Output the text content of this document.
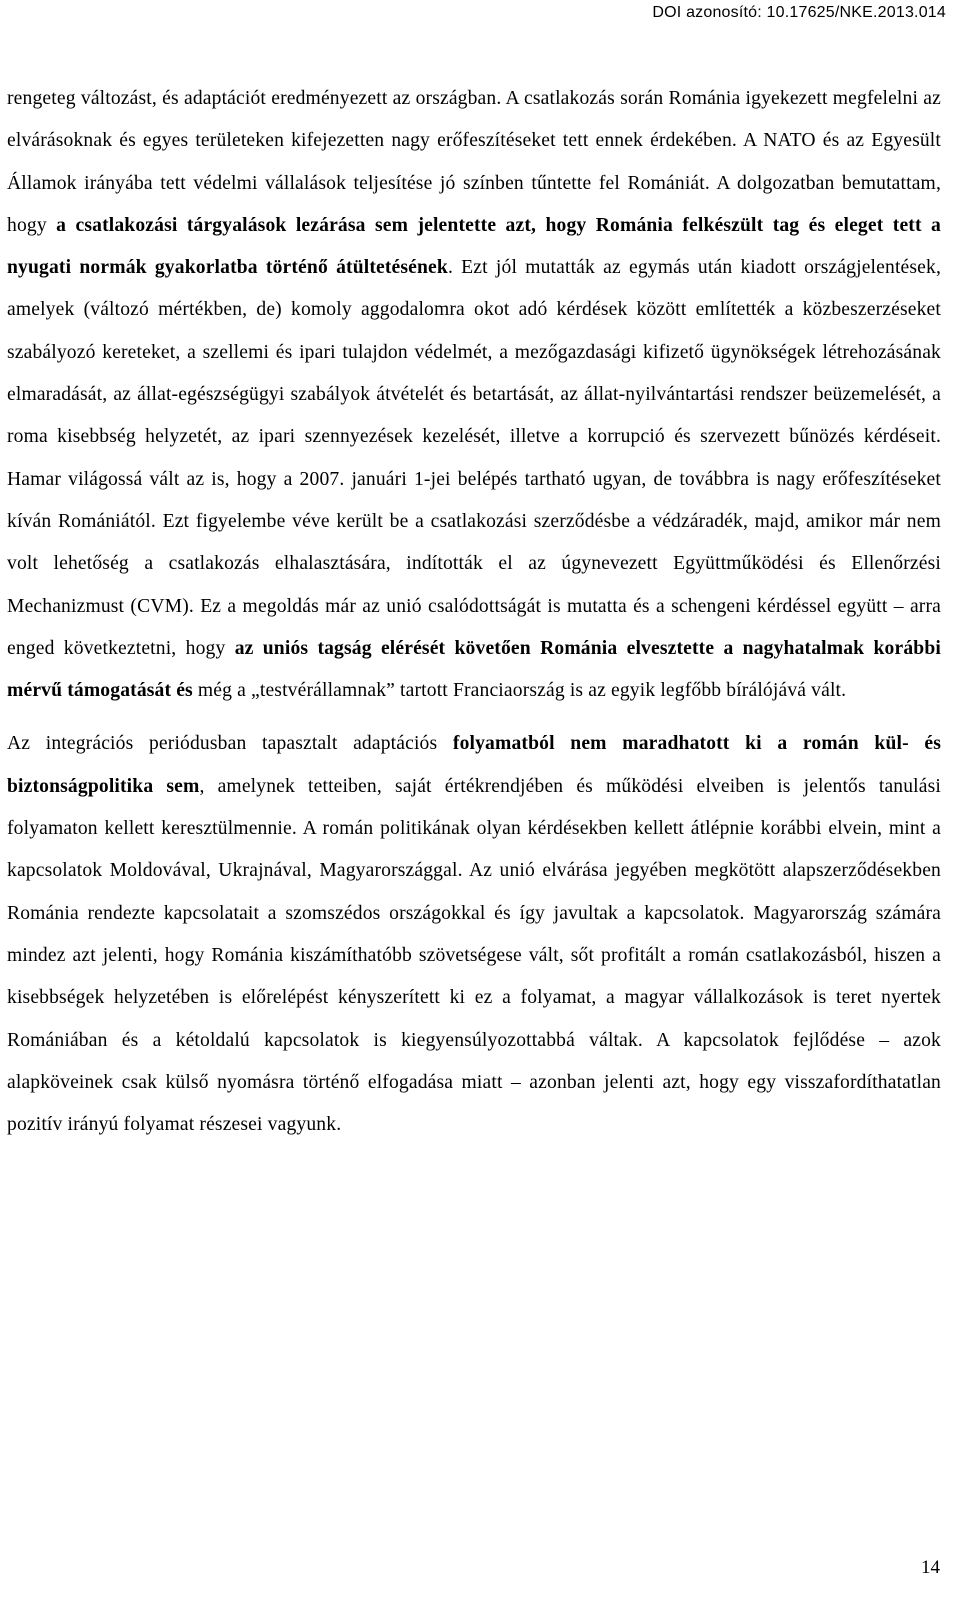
DOI azonosító: 10.17625/NKE.2013.014

rengeteg változást, és adaptációt eredményezett az országban. A csatlakozás során Románia igyekezett megfelelni az elvárásoknak és egyes területeken kifejezetten nagy erőfeszítéseket tett ennek érdekében. A NATO és az Egyesült Államok irányába tett védelmi vállalások teljesítése jó színben tűntette fel Romániát. A dolgozatban bemutattam, hogy a csatlakozási tárgyalások lezárása sem jelentette azt, hogy Románia felkészült tag és eleget tett a nyugati normák gyakorlatba történő átültetésének. Ezt jól mutatták az egymás után kiadott országjelentések, amelyek (változó mértékben, de) komoly aggodalomra okot adó kérdések között említették a közbeszerzéseket szabályozó kereteket, a szellemi és ipari tulajdon védelmét, a mezőgazdasági kifizető ügynökségek létrehozásának elmaradását, az állat-egészségügyi szabályok átvételét és betartását, az állat-nyilvántartási rendszer beüzemelését, a roma kisebbség helyzetét, az ipari szennyezések kezelését, illetve a korrupció és szervezett bűnözés kérdéseit. Hamar világossá vált az is, hogy a 2007. januári 1-jei belépés tartható ugyan, de továbbra is nagy erőfeszítéseket kíván Romániától. Ezt figyelembe véve került be a csatlakozási szerződésbe a védzáradék, majd, amikor már nem volt lehetőség a csatlakozás elhalasztására, indították el az úgynevezett Együttműködési és Ellenőrzési Mechanizmust (CVM). Ez a megoldás már az unió csalódottságát is mutatta és a schengeni kérdéssel együtt – arra enged következtetni, hogy az uniós tagság elérését követően Románia elvesztette a nagyhatalmak korábbi mérvű támogatását és még a „testvérállamnak” tartott Franciaország is az egyik legfőbb bírálójává vált.

Az integrációs periódusban tapasztalt adaptációs folyamatból nem maradhatott ki a román kül- és biztonságpolitika sem, amelynek tetteiben, saját értékrendjében és működési elveiben is jelentős tanulási folyamaton kellett keresztülmennie. A román politikának olyan kérdésekben kellett átlépnie korábbi elvein, mint a kapcsolatok Moldovával, Ukrajnával, Magyarországgal. Az unió elvárása jegyében megkötött alapszerződésekben Románia rendezte kapcsolatait a szomszédos országokkal és így javultak a kapcsolatok. Magyarország számára mindez azt jelenti, hogy Románia kiszámíthatóbb szövetségese vált, sőt profitált a román csatlakozásból, hiszen a kisebbségek helyzetében is előrelépést kényszerített ki ez a folyamat, a magyar vállalkozások is teret nyertek Romániában és a kétoldalú kapcsolatok is kiegyensúlyozottabbá váltak. A kapcsolatok fejlődése – azok alapköveinek csak külső nyomásra történő elfogadása miatt – azonban jelenti azt, hogy egy visszafordíthatatlan pozitív irányú folyamat részesei vagyunk.

14
